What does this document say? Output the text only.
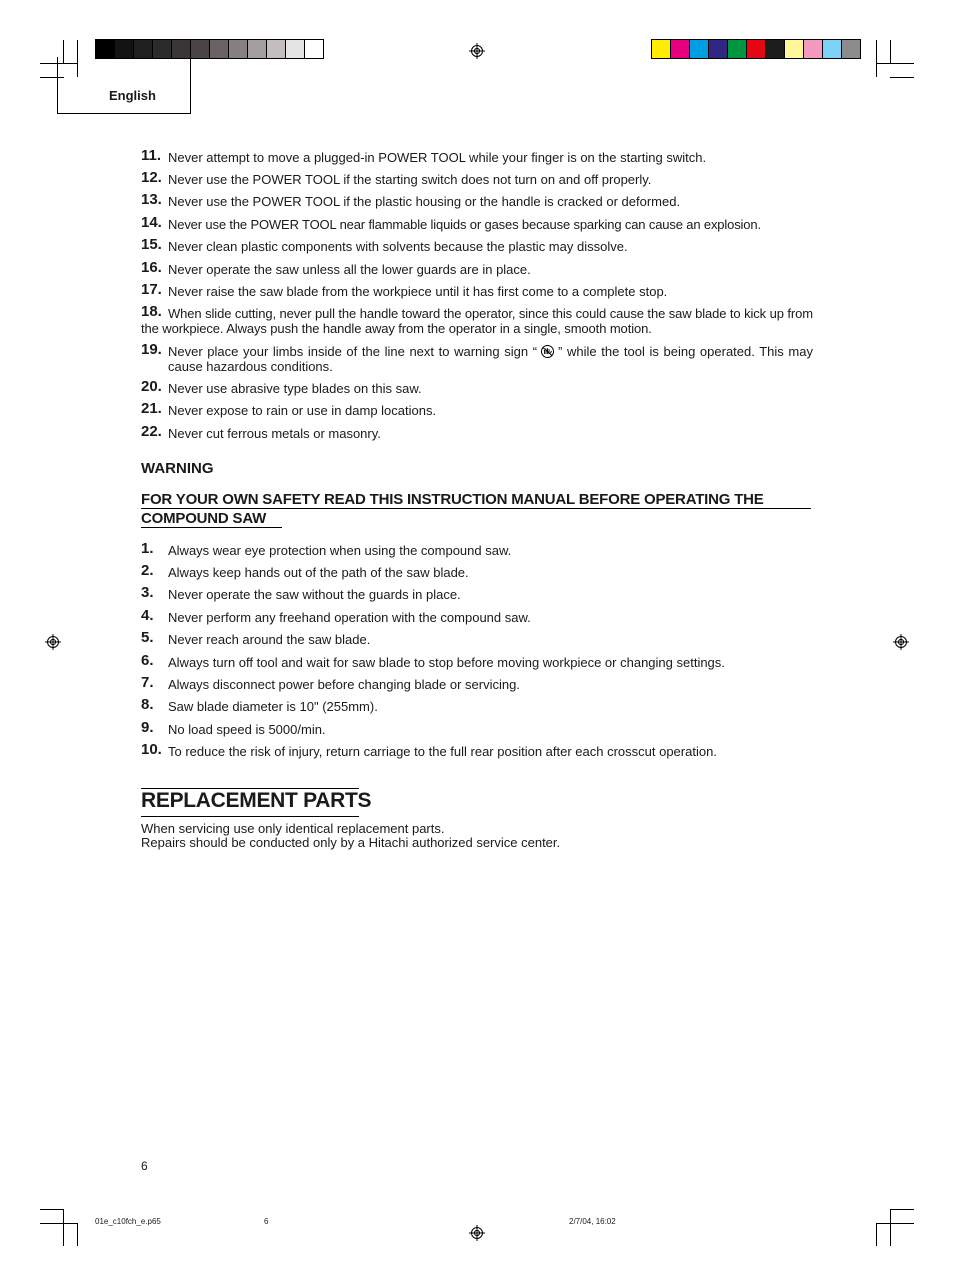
English
11. Never attempt to move a plugged-in POWER TOOL while your finger is on the starting switch.
12. Never use the POWER TOOL if the starting switch does not turn on and off properly.
13. Never use the POWER TOOL if the plastic housing or the handle is cracked or deformed.
14. Never use the POWER TOOL near flammable liquids or gases because sparking can cause an explosion.
15. Never clean plastic components with solvents because the plastic may dissolve.
16. Never operate the saw unless all the lower guards are in place.
17. Never raise the saw blade from the workpiece until it has first come to a complete stop.
18. When slide cutting, never pull the handle toward the operator, since this could cause the saw blade to kick up from the workpiece. Always push the handle away from the operator in a single, smooth motion.
19. Never place your limbs inside of the line next to warning sign “ ” while the tool is being operated. This may cause hazardous conditions.
20. Never use abrasive type blades on this saw.
21. Never expose to rain or use in damp locations.
22. Never cut ferrous metals or masonry.
WARNING
FOR YOUR OWN SAFETY READ THIS INSTRUCTION MANUAL BEFORE OPERATING THE COMPOUND SAW
1. Always wear eye protection when using the compound saw.
2. Always keep hands out of the path of the saw blade.
3. Never operate the saw without the guards in place.
4. Never perform any freehand operation with the compound saw.
5. Never reach around the saw blade.
6. Always turn off tool and wait for saw blade to stop before moving workpiece or changing settings.
7. Always disconnect power before changing blade or servicing.
8. Saw blade diameter is 10" (255mm).
9. No load speed is 5000/min.
10. To reduce the risk of injury, return carriage to the full rear position after each crosscut operation.
REPLACEMENT PARTS
When servicing use only identical replacement parts.
Repairs should be conducted only by a Hitachi authorized service center.
6
01e_c10fch_e.p65	6	2/7/04, 16:02
